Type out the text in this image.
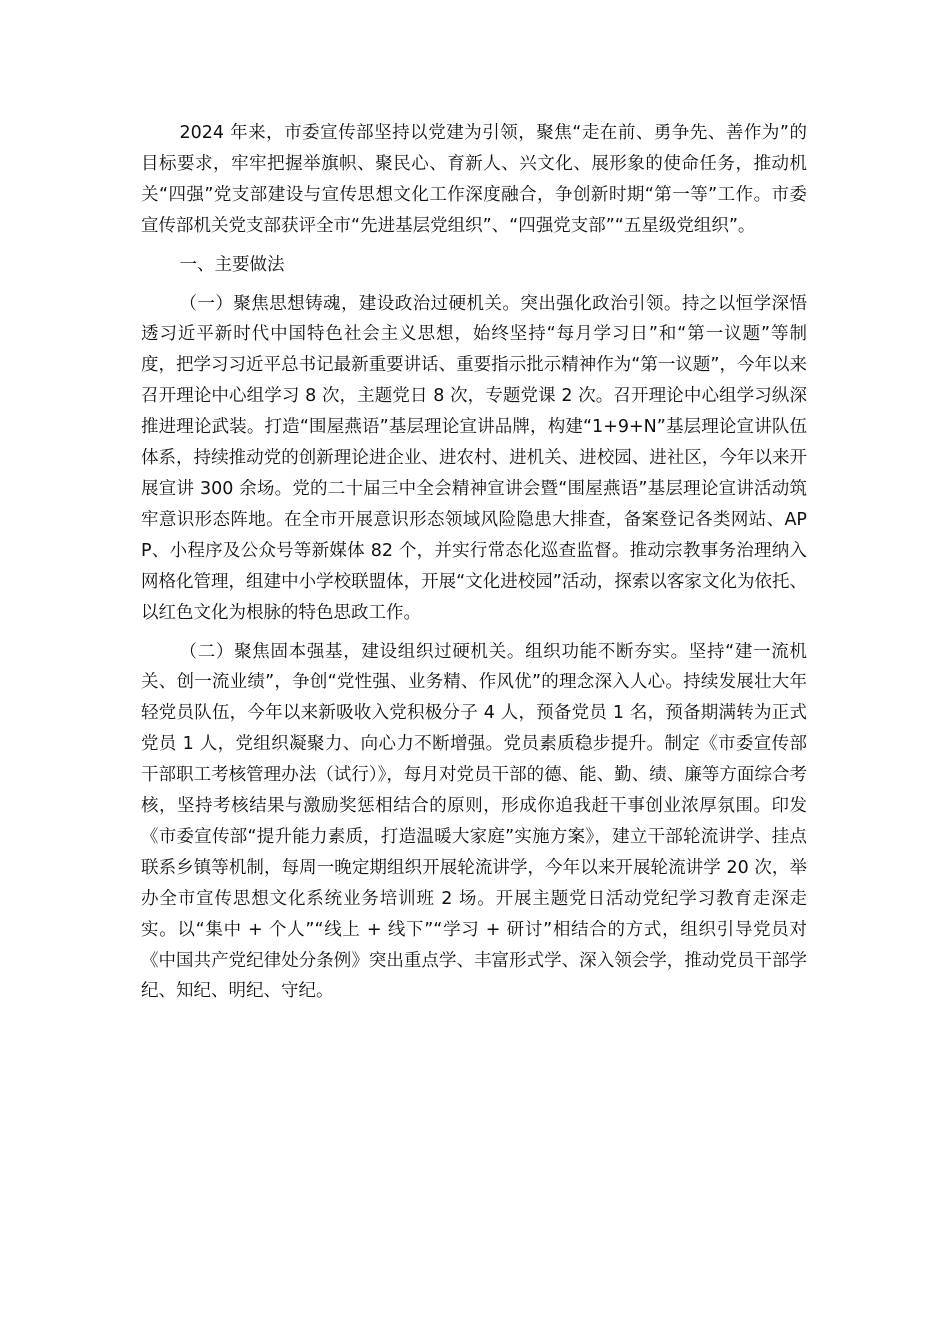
2024 年来，市委宣传部坚持以党建为引领，聚焦“走在前、勇争先、善作为”的目标要求，牢牢把握举旗帜、聚民心、育新人、兴文化、展形象的使命任务，推动机关“四强”党支部建设与宣传思想文化工作深度融合，争创新时期“第一等”工作。市委宣传部机关党支部获评全市“先进基层党组织”、“四强党支部”“五星级党组织”。

一、主要做法

（一）聚焦思想铸魂，建设政治过硬机关。突出强化政治引领。持之以恒学深悟透习近平新时代中国特色社会主义思想，始终坚持“每月学习日”和“第一议题”等制度，把学习习近平总书记最新重要讲话、重要指示批示精神作为“第一议题”，今年以来召开理论中心组学习 8 次，主题党日 8 次，专题党课 2 次。召开理论中心组学习纵深推进理论武装。打造“围屋燕语”基层理论宣讲品牌，构建“1+9+N”基层理论宣讲队伍体系，持续推动党的创新理论进企业、进农村、进机关、进校园、进社区，今年以来开展宣讲 300 余场。党的二十届三中全会精神宣讲会暨“围屋燕语”基层理论宣讲活动筑牢意识形态阵地。在全市开展意识形态领域风险隐患大排查，备案登记各类网站、APP、小程序及公众号等新媒体 82 个，并实行常态化巡查监督。推动宗教事务治理纳入网格化管理，组建中小学校联盟体，开展“文化进校园”活动，探索以客家文化为依托、以红色文化为根脉的特色思政工作。

（二）聚焦固本强基，建设组织过硬机关。组织功能不断夯实。坚持“建一流机关、创一流业绩”，争创“党性强、业务精、作风优”的理念深入人心。持续发展壮大年轻党员队伍，今年以来新吸收入党积极分子 4 人，预备党员 1 名，预备期满转为正式党员 1 人，党组织凝聚力、向心力不断增强。党员素质稳步提升。制定《市委宣传部干部职工考核管理办法（试行）》，每月对党员干部的德、能、勤、绩、廉等方面综合考核，坚持考核结果与激励奖惩相结合的原则，形成你追我赶干事创业浓厚氛围。印发《市委宣传部“提升能力素质，打造温暖大家庭”实施方案》，建立干部轮流讲学、挂点联系乡镇等机制，每周一晚定期组织开展轮流讲学，今年以来开展轮流讲学 20 次，举办全市宣传思想文化系统业务培训班 2 场。开展主题党日活动党纪学习教育走深走实。以“集中 + 个人”“线上 + 线下”“学习 + 研讨”相结合的方式，组织引导党员对《中国共产党纪律处分条例》突出重点学、丰富形式学、深入领会学，推动党员干部学纪、知纪、明纪、守纪。
